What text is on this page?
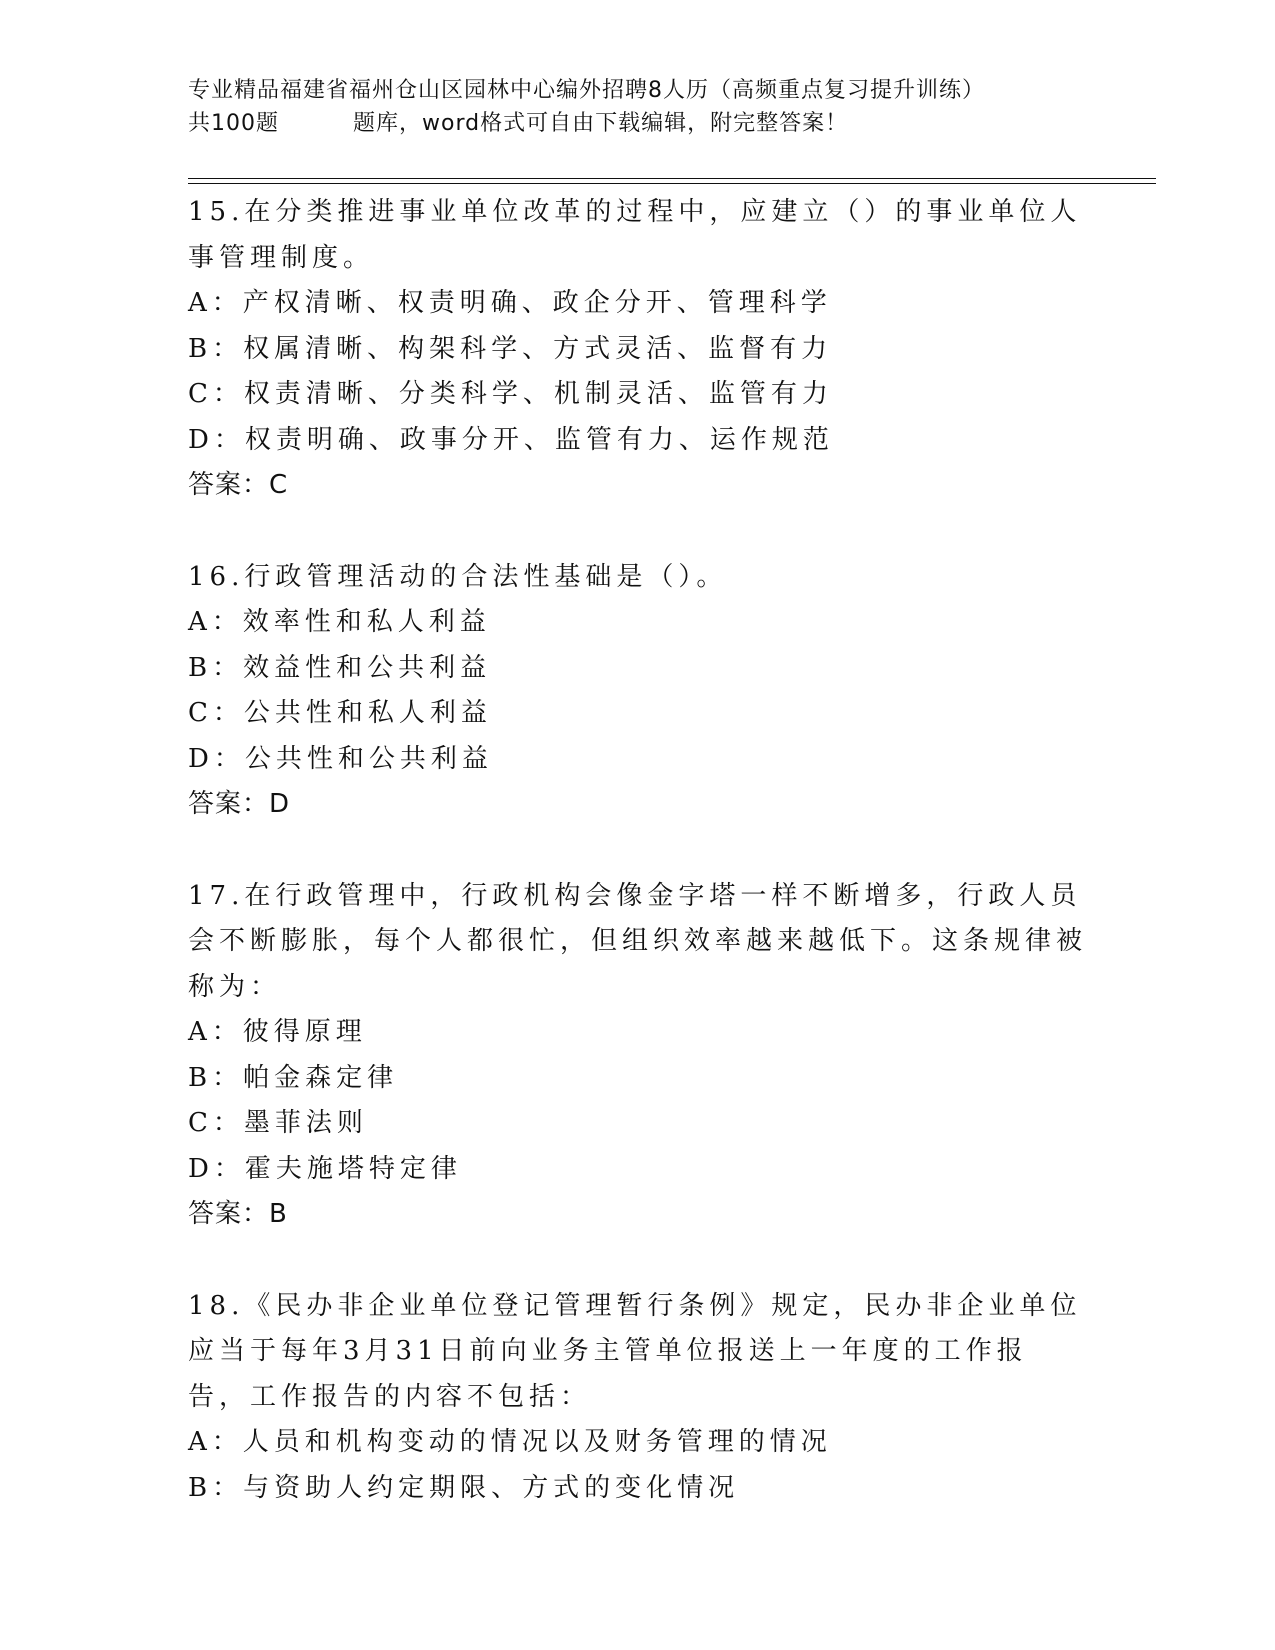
专业精品福建省福州仓山区园林中心编外招聘8人历（高频重点复习提升训练）
共100题	题库，word格式可自由下载编辑，附完整答案！
15.在分类推进事业单位改革的过程中，应建立（）的事业单位人事管理制度。
A：产权清晰、权责明确、政企分开、管理科学
B：权属清晰、构架科学、方式灵活、监督有力
C：权责清晰、分类科学、机制灵活、监管有力
D：权责明确、政事分开、监管有力、运作规范
答案：C
16.行政管理活动的合法性基础是（）。
A：效率性和私人利益
B：效益性和公共利益
C：公共性和私人利益
D：公共性和公共利益
答案：D
17.在行政管理中，行政机构会像金字塔一样不断增多，行政人员会不断膨胀，每个人都很忙，但组织效率越来越低下。这条规律被称为：
A：彼得原理
B：帕金森定律
C：墨菲法则
D：霍夫施塔特定律
答案：B
18.《民办非企业单位登记管理暂行条例》规定，民办非企业单位应当于每年3月31日前向业务主管单位报送上一年度的工作报告，工作报告的内容不包括：
A：人员和机构变动的情况以及财务管理的情况
B：与资助人约定期限、方式的变化情况
